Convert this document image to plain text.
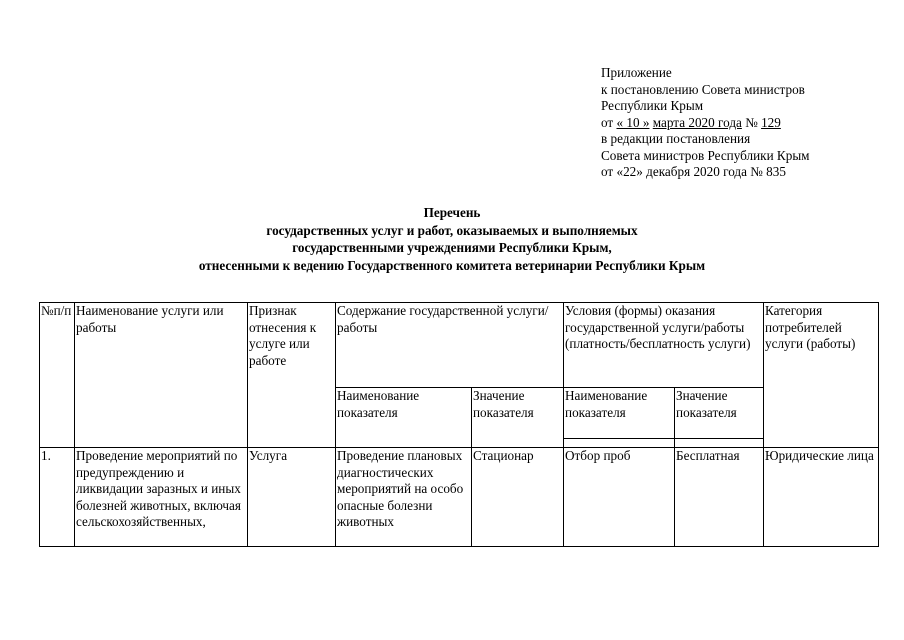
Приложение
к постановлению Совета министров
Республики Крым
от « 10 » марта 2020 года № 129
в редакции постановления
Совета министров Республики Крым
от «22» декабря 2020 года № 835
Перечень
государственных услуг и работ, оказываемых и выполняемых
государственными учреждениями Республики Крым,
отнесенными к ведению Государственного комитета ветеринарии Республики Крым
№п/п	Наименование услуги или работы	Признак отнесения к услуге или работе	Содержание государственной услуги/работы		Условия (формы) оказания государственной услуги/работы (платность/бесплатность услуги)		Категория потребителей услуги (работы)
			Наименование показателя	Значение показателя	Наименование показателя	Значение показателя	

1.	Проведение мероприятий по предупреждению и ликвидации заразных и иных болезней животных, включая сельскохозяйственных,	Услуга	Проведение плановых диагностических мероприятий на особо опасные болезни животных	Стационар	Отбор проб	Бесплатная	Юридические лица
